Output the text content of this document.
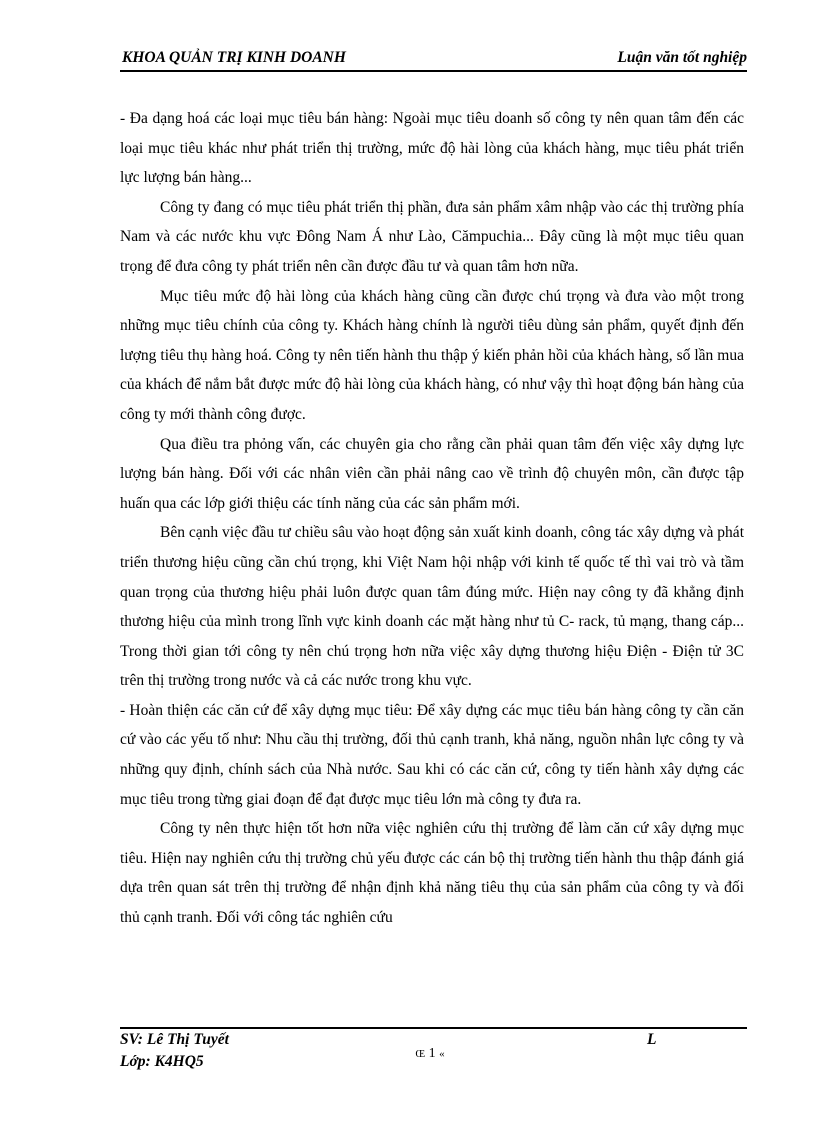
KHOA QUẢN TRỊ KINH DOANH	Luận văn tốt nghiệp

- Đa dạng hoá các loại mục tiêu bán hàng: Ngoài mục tiêu doanh số công ty nên quan tâm đến các loại mục tiêu khác như phát triển thị trường, mức độ hài lòng của khách hàng, mục tiêu phát triển lực lượng bán hàng...

Công ty đang có mục tiêu phát triển thị phần, đưa sản phẩm xâm nhập vào các thị trường phía Nam và các nước khu vực Đông Nam Á như Lào, Cămpuchia... Đây cũng là một mục tiêu quan trọng để đưa công ty phát triển nên cần được đầu tư và quan tâm hơn nữa.

Mục tiêu mức độ hài lòng của khách hàng cũng cần được chú trọng và đưa vào một trong những mục tiêu chính của công ty. Khách hàng chính là người tiêu dùng sản phẩm, quyết định đến lượng tiêu thụ hàng hoá. Công ty nên tiến hành thu thập ý kiến phản hồi của khách hàng, số lần mua của khách để nắm bắt được mức độ hài lòng của khách hàng, có như vậy thì hoạt động bán hàng của công ty mới thành công được.

Qua điều tra phỏng vấn, các chuyên gia cho rằng cần phải quan tâm đến việc xây dựng lực lượng bán hàng. Đối với các nhân viên cần phải nâng cao về trình độ chuyên môn, cần được tập huấn qua các lớp giới thiệu các tính năng của các sản phẩm mới.

Bên cạnh việc đầu tư chiều sâu vào hoạt động sản xuất kinh doanh, công tác xây dựng và phát triển thương hiệu cũng cần chú trọng, khi Việt Nam hội nhập với kinh tế quốc tế thì vai trò và tầm quan trọng của thương hiệu phải luôn được quan tâm đúng mức. Hiện nay công ty đã khẳng định thương hiệu của mình trong lĩnh vực kinh doanh các mặt hàng như tủ C- rack, tủ mạng, thang cáp... Trong thời gian tới công ty nên chú trọng hơn nữa việc xây dựng thương hiệu Điện - Điện tử 3C trên thị trường trong nước và cả các nước trong khu vực.

- Hoàn thiện các căn cứ để xây dựng mục tiêu: Để xây dựng các mục tiêu bán hàng công ty cần căn cứ vào các yếu tố như: Nhu cầu thị trường, đối thủ cạnh tranh, khả năng, nguồn nhân lực công ty và những quy định, chính sách của Nhà nước. Sau khi có các căn cứ, công ty tiến hành xây dựng các mục tiêu trong từng giai đoạn để đạt được mục tiêu lớn mà công ty đưa ra.

Công ty nên thực hiện tốt hơn nữa việc nghiên cứu thị trường để làm căn cứ xây dựng mục tiêu. Hiện nay nghiên cứu thị trường chủ yếu được các cán bộ thị trường tiến hành thu thập đánh giá dựa trên quan sát trên thị trường để nhận định khả năng tiêu thụ của sản phẩm của công ty và đối thủ cạnh tranh. Đối với công tác nghiên cứu

SV: Lê Thị Tuyết
Lớp: K4HQ5
L
Œ 1 «
